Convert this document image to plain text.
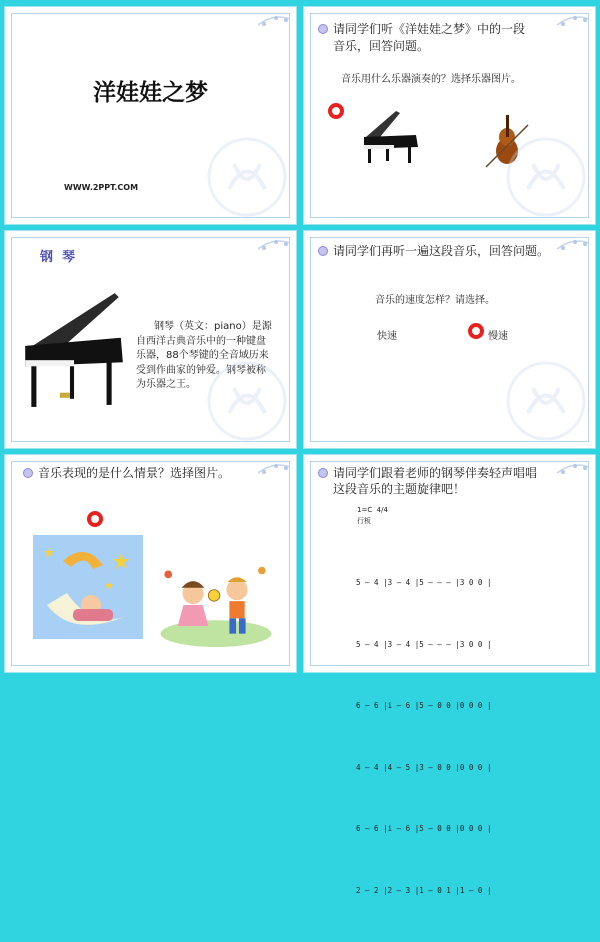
洋娃娃之梦
WWW.2PPT.COM
请同学们听《洋娃娃之梦》中的一段
音乐，回答问题。
音乐用什么乐器演奏的？选择乐器图片。
钢  琴
钢琴（英文：piano）是源
自西洋古典音乐中的一种键盘
乐器，88个琴键的全音域历来
受到作曲家的钟爱。钢琴被称
为乐器之王。
请同学们再听一遍这段音乐，回答问题。
音乐的速度怎样？请选择。
快速	慢速
音乐表现的是什么情景？选择图片。	请同学们跟着老师的钢琴伴奏轻声唱唱
这段音乐的主题旋律吧！
1=C  4/4
行板

5 – 4 |3 – 4 |5 – – – |3 0 0 |

5 – 4 |3 – 4 |5 – – – |3 0 0 |

6 – 6 |i – 6 |5 – 0 0 |0 0 0 |

4 – 4 |4 – 5 |3 – 0 0 |0 0 0 |

6 – 6 |i – 6 |5 – 0 0 |0 0 0 |

2 – 2 |2 – 3 |1 – 0 1 |1 – 0 |
